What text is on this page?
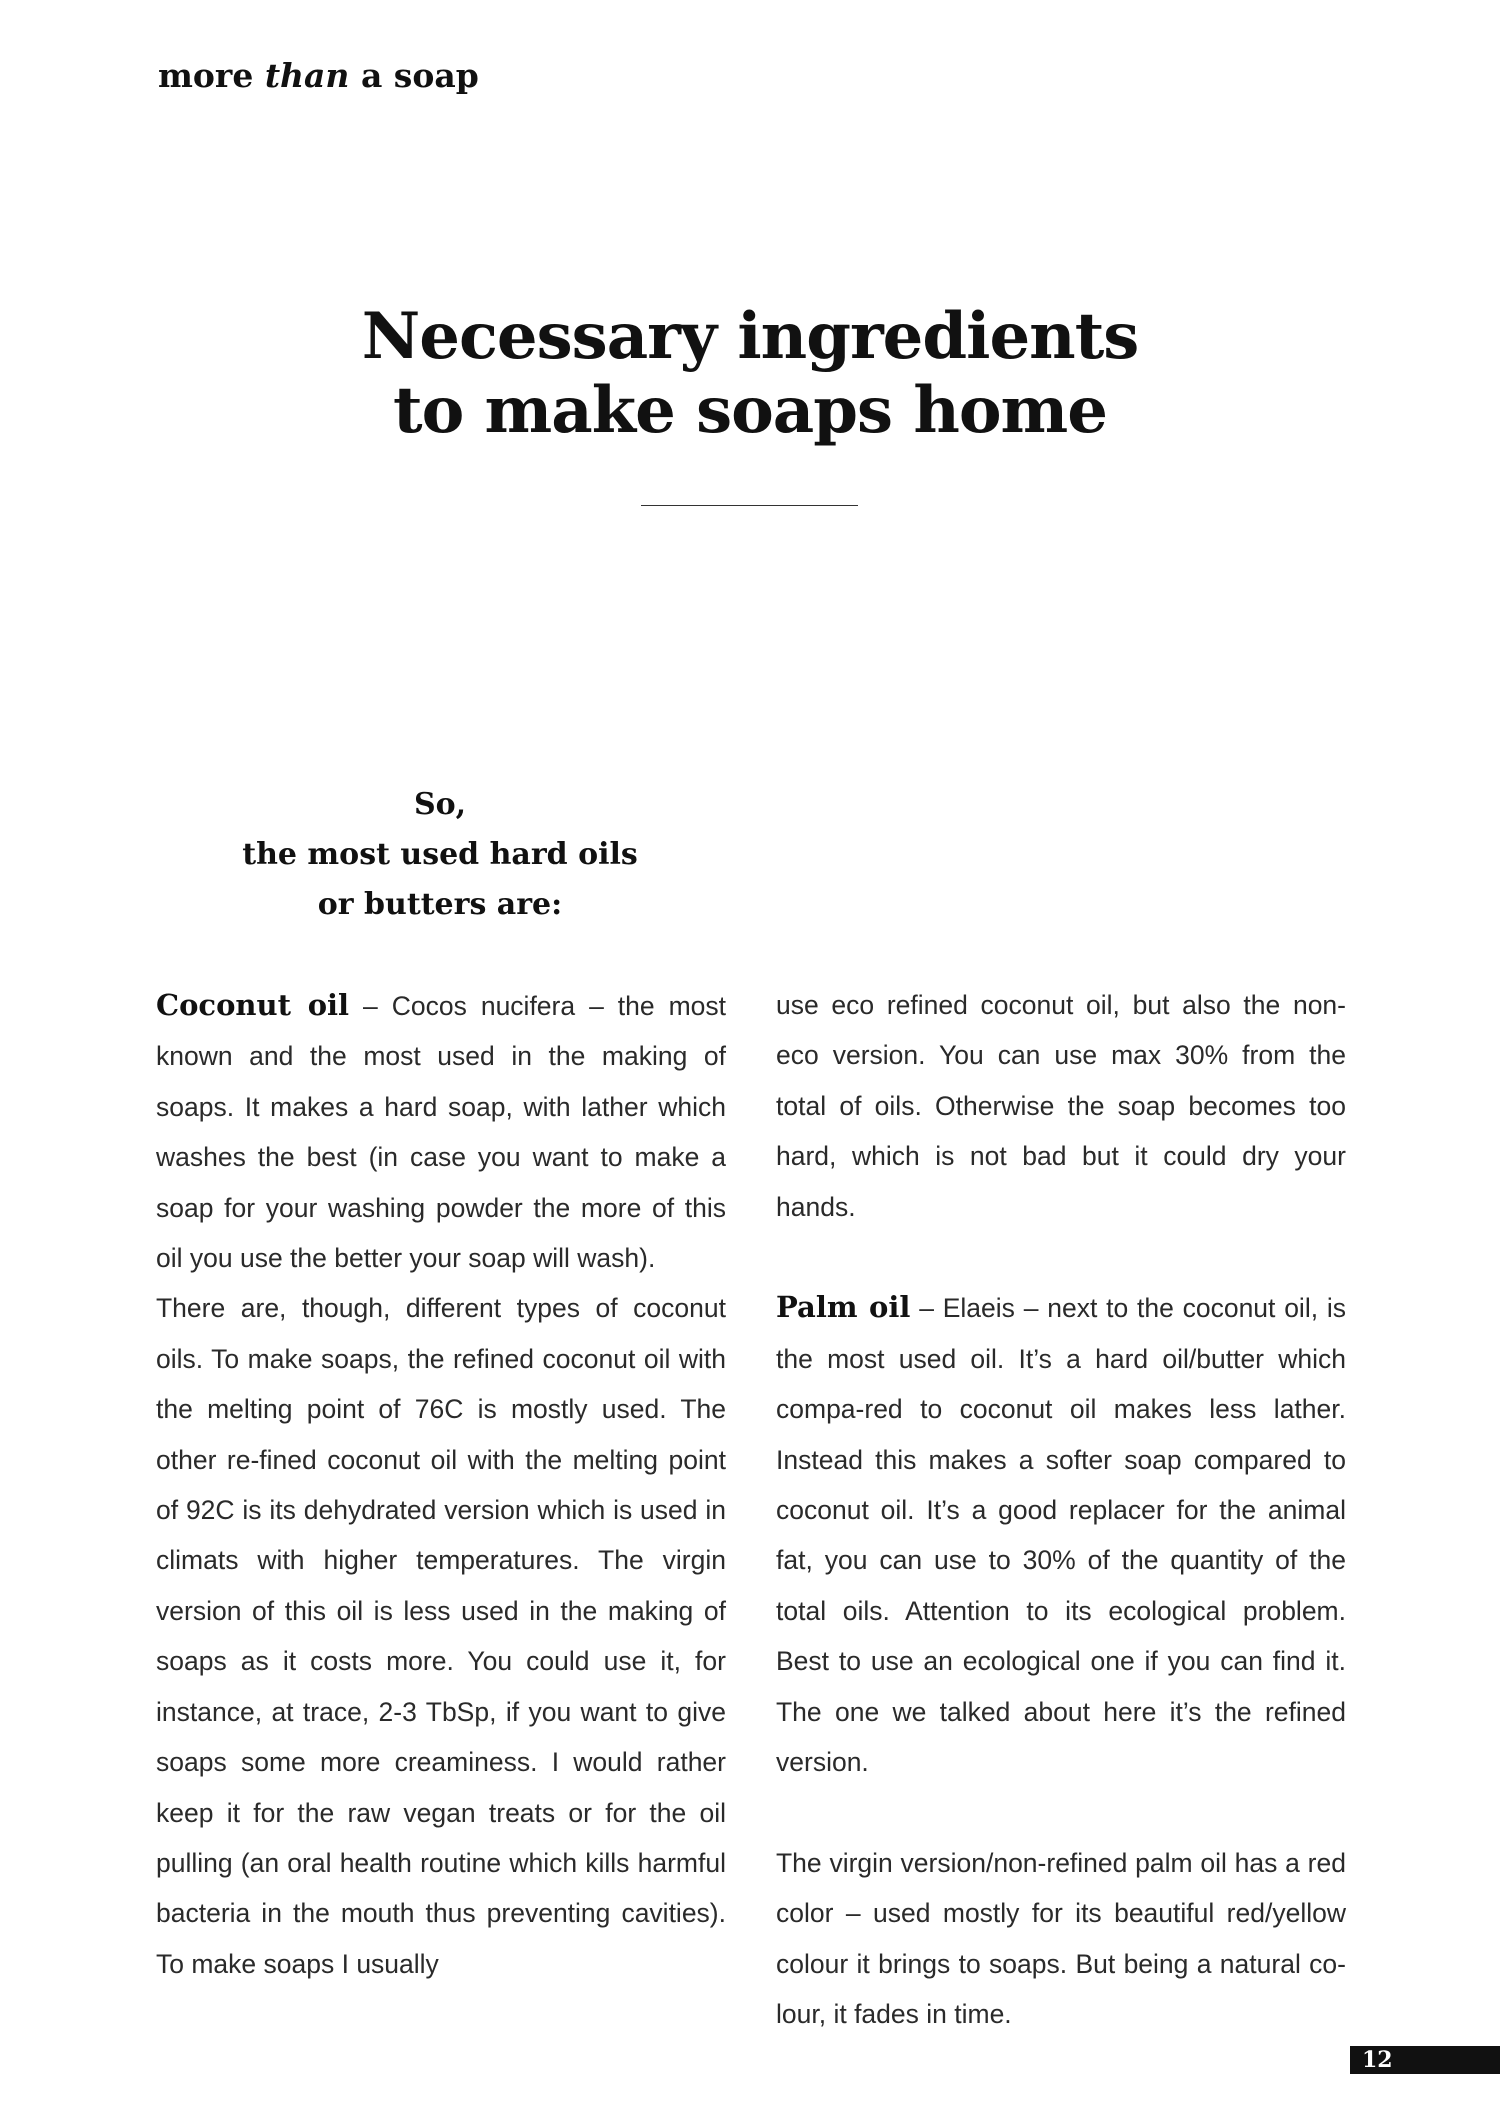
more than a soap
Necessary ingredients
to make soaps home
So,
the most used hard oils
or butters are:

Coconut oil – Cocos nucifera – the most known and the most used in the making of soaps. It makes a hard soap, with lather which washes the best (in case you want to make a soap for your washing powder the more of this oil you use the better your soap will wash).

There are, though, different types of coconut oils. To make soaps, the refined coconut oil with the melting point of 76C is mostly used. The other re-fined coconut oil with the melting point of 92C is its dehydrated version which is used in climats with higher temperatures. The virgin version of this oil is less used in the making of soaps as it costs more. You could use it, for instance, at trace, 2-3 TbSp, if you want to give soaps some more creaminess. I would rather keep it for the raw vegan treats or for the oil pulling (an oral health routine which kills harmful bacteria in the mouth thus preventing cavities). To make soaps I usually

use eco refined coconut oil, but also the non-eco version. You can use max 30% from the total of oils. Otherwise the soap becomes too hard, which is not bad but it could dry your hands.

Palm oil – Elaeis – next to the coconut oil, is the most used oil. It’s a hard oil/butter which compa-red to coconut oil makes less lather. Instead this makes a softer soap compared to coconut oil. It’s a good replacer for the animal fat, you can use to 30% of the quantity of the total oils. Attention to its ecological problem. Best to use an ecological one if you can find it. The one we talked about here it’s the refined version.

The virgin version/non-refined palm oil has a red color – used mostly for its beautiful red/yellow colour it brings to soaps. But being a natural co-lour, it fades in time.

12
